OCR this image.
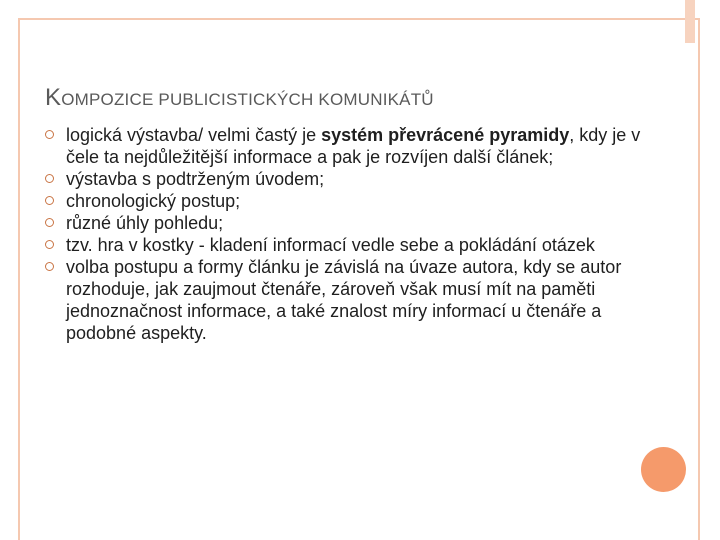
KOMPOZICE PUBLICISTICKÝCH KOMUNIKÁTŮ
logická výstavba/ velmi častý je systém převrácené pyramidy, kdy je v čele ta nejdůležitější informace a pak je rozvíjen další článek;
výstavba s podtrženým úvodem;
chronologický postup;
různé úhly pohledu;
tzv. hra v kostky - kladení informací vedle sebe a pokládání otázek
volba postupu a formy článku je závislá na úvaze autora, kdy se autor rozhoduje, jak zaujmout čtenáře, zároveň však musí mít na paměti jednoznačnost informace, a také znalost míry informací u čtenáře a podobné aspekty.
